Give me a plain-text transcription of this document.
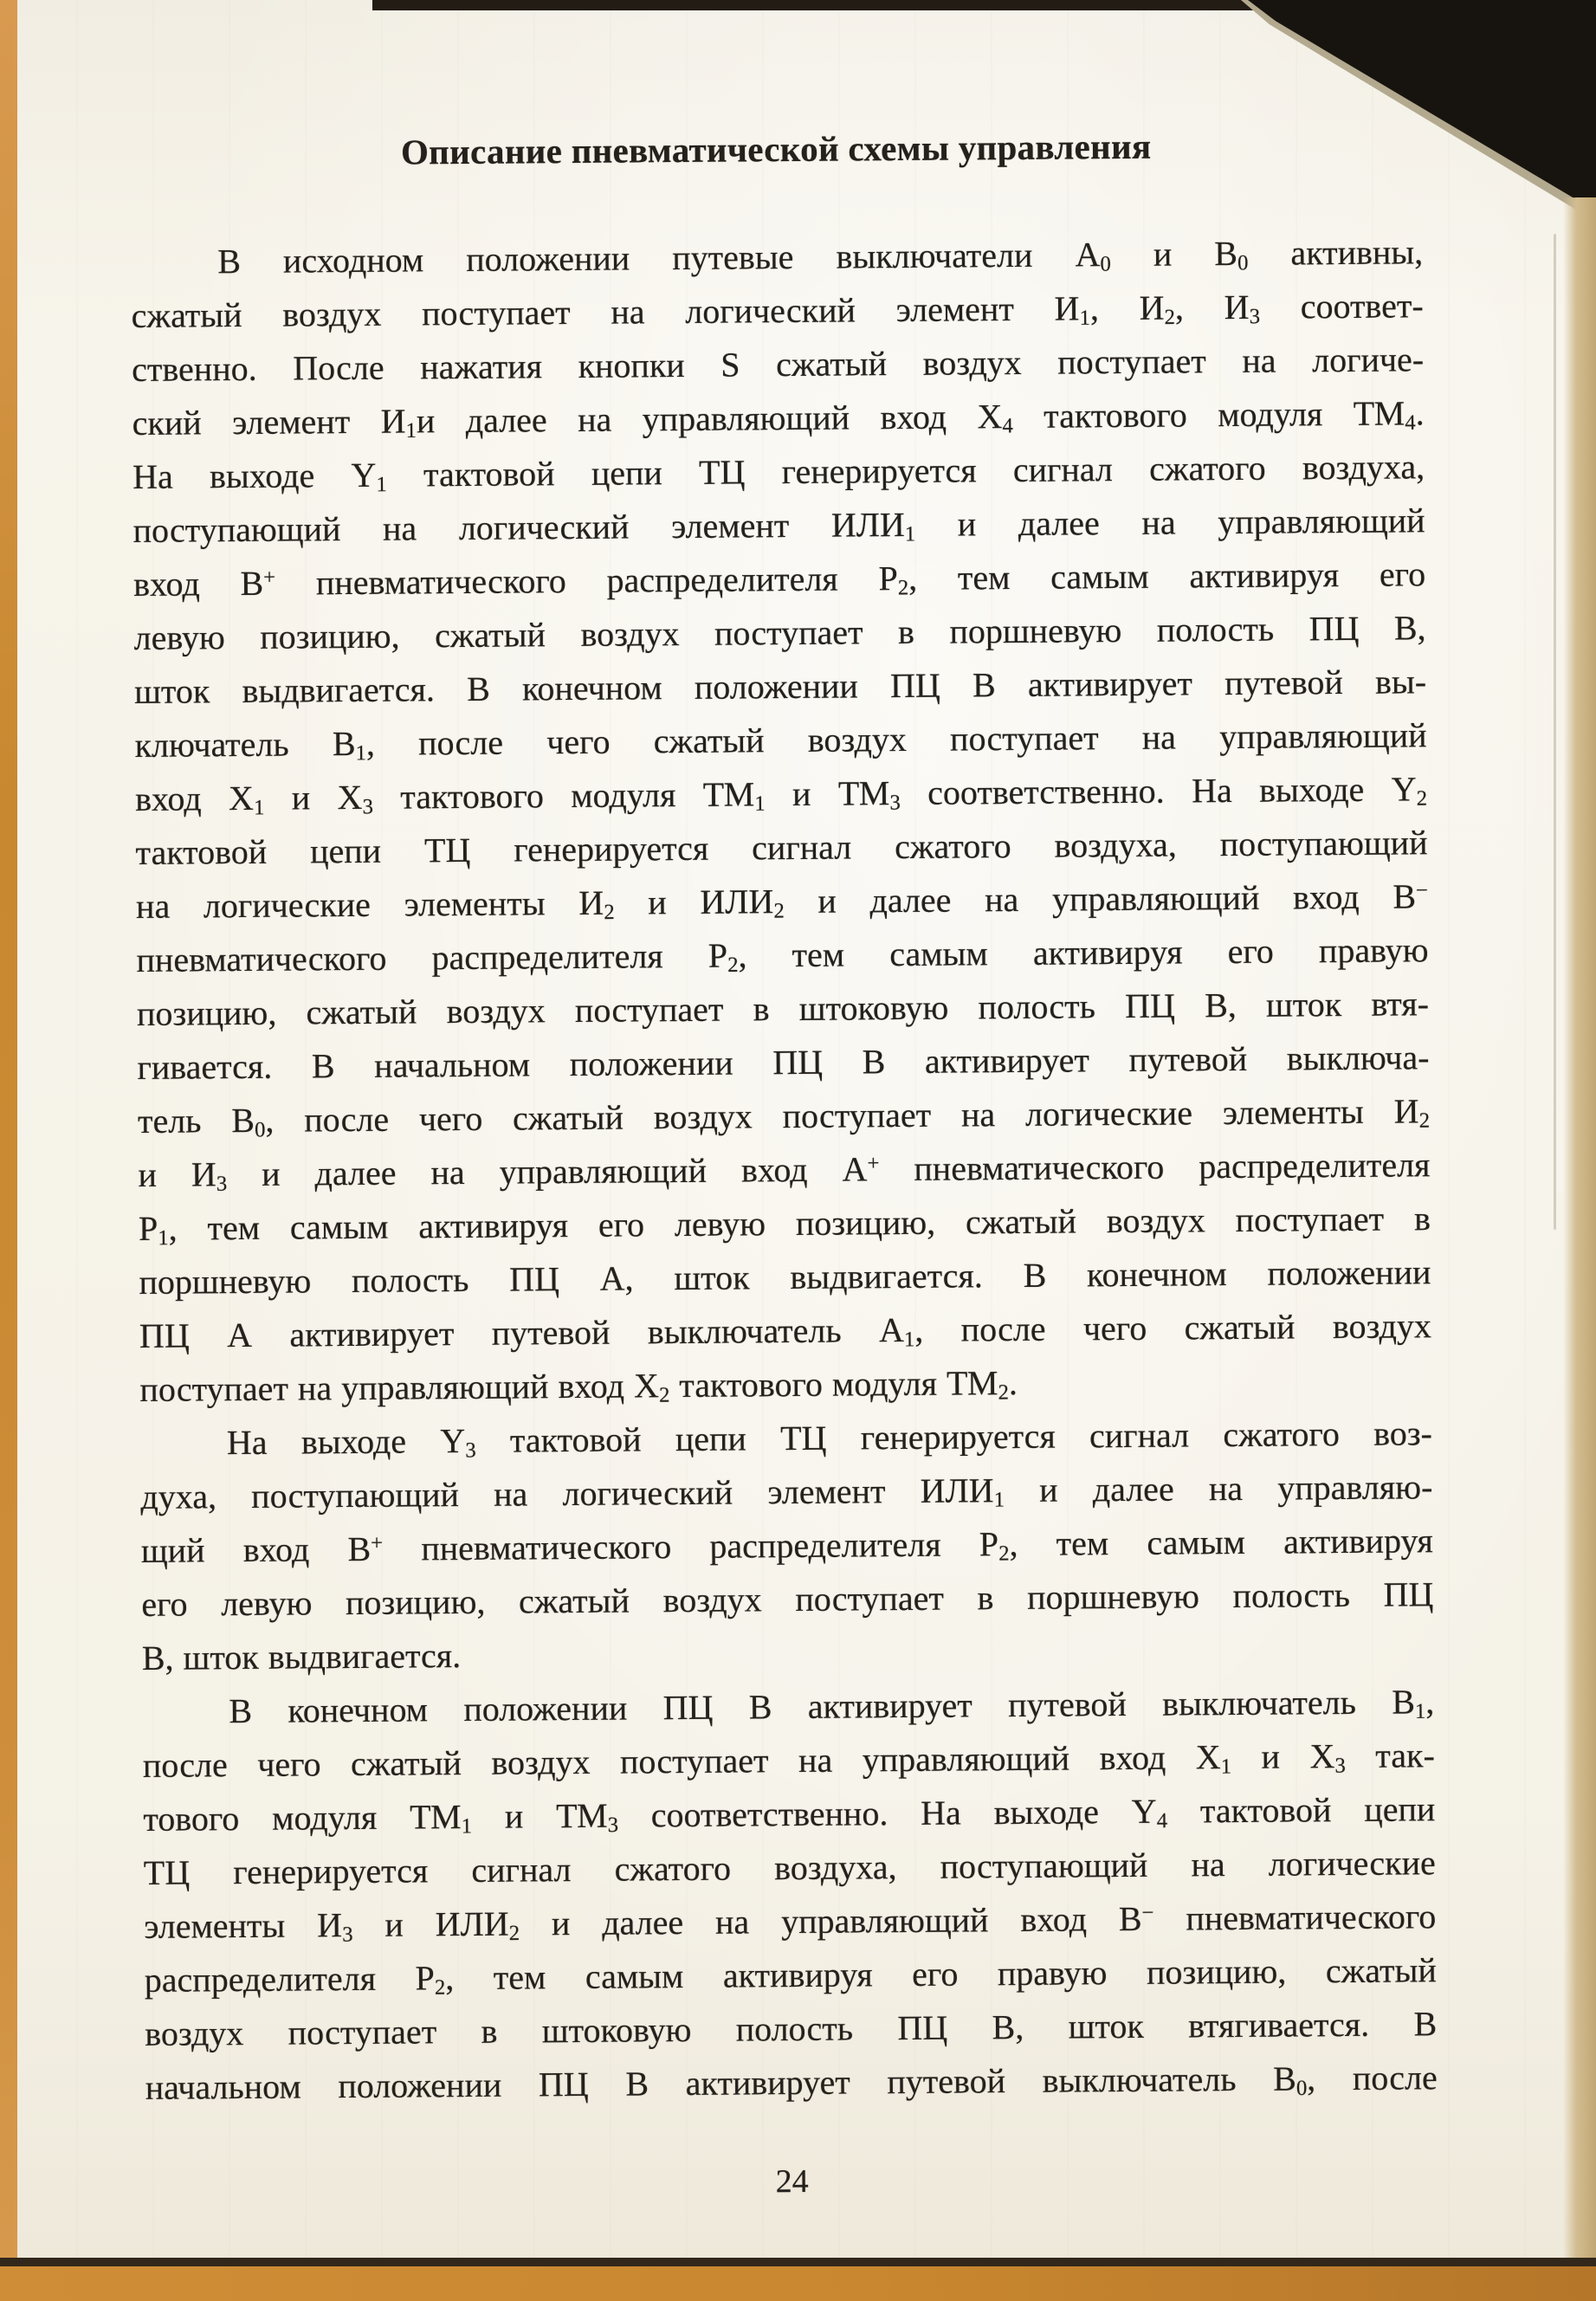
Описание пневматической схемы управления
В исходном положении путевые выключатели $А_0$ и $В_0$ активны,
сжатый воздух поступает на логический элемент $И_1$, $И_2$, $И_3$ соответ-
ственно. После нажатия кнопки S сжатый воздух поступает на логиче-
ский элемент $И_1и$ далее на управляющий вход $Х_4$ тактового модуля $ТМ_4$.
На выходе $Y_1$ тактовой цепи ТЦ генерируется сигнал сжатого воздуха,
поступающий на логический элемент $ИЛИ_1$ и далее на управляющий
вход В+ пневматического распределителя $Р_2$, тем самым активируя его
левую позицию, сжатый воздух поступает в поршневую полость ПЦ В,
шток выдвигается. В конечном положении ПЦ В активирует путевой вы-
ключатель $В_1$, после чего сжатый воздух поступает на управляющий
вход $Х_1$ и $Х_3$ тактового модуля $ТМ_1$ и $ТМ_3$ соответственно. На выходе $Y_2$
тактовой цепи ТЦ генерируется сигнал сжатого воздуха, поступающий
на логические элементы $И_2$ и $ИЛИ_2$ и далее на управляющий вход В−
пневматического распределителя $Р_2$, тем самым активируя его правую
позицию, сжатый воздух поступает в штоковую полость ПЦ В, шток втя-
гивается. В начальном положении ПЦ В активирует путевой выключа-
тель $В_0$, после чего сжатый воздух поступает на логические элементы $И_2$
и $И_3$ и далее на управляющий вход А+ пневматического распределителя
$Р_1$, тем самым активируя его левую позицию, сжатый воздух поступает в
поршневую полость ПЦ А, шток выдвигается. В конечном положении
ПЦ А активирует путевой выключатель $А_1$, после чего сжатый воздух
поступает на управляющий вход $Х_2$ тактового модуля $ТМ_2$.
На выходе $Y_3$ тактовой цепи ТЦ генерируется сигнал сжатого воз-
духа, поступающий на логический элемент $ИЛИ_1$ и далее на управляю-
щий вход В+ пневматического распределителя $Р_2$, тем самым активируя
его левую позицию, сжатый воздух поступает в поршневую полость ПЦ
В, шток выдвигается.
В конечном положении ПЦ В активирует путевой выключатель $В_1$,
после чего сжатый воздух поступает на управляющий вход $Х_1$ и $Х_3$ так-
тового модуля $ТМ_1$ и $ТМ_3$ соответственно. На выходе $Y_4$ тактовой цепи
ТЦ генерируется сигнал сжатого воздуха, поступающий на логические
элементы $И_3$ и $ИЛИ_2$ и далее на управляющий вход В− пневматического
распределителя $Р_2$, тем самым активируя его правую позицию, сжатый
воздух поступает в штоковую полость ПЦ В, шток втягивается. В
начальном положении ПЦ В активирует путевой выключатель $В_0$, после
24
